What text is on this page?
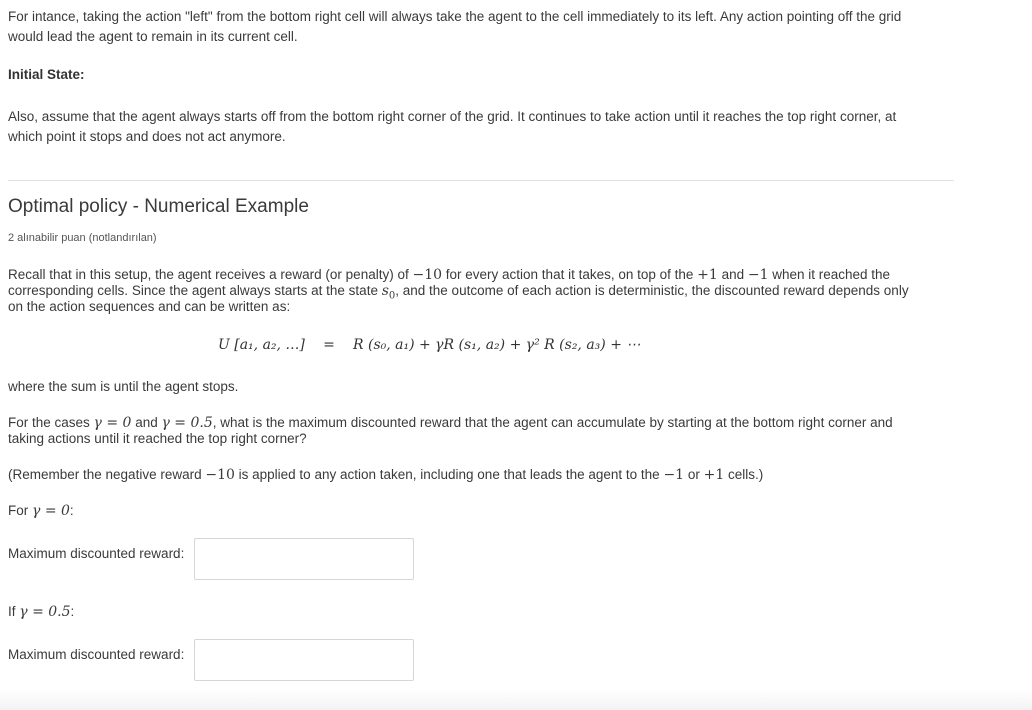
For intance, taking the action "left" from the bottom right cell will always take the agent to the cell immediately to its left. Any action pointing off the grid

would lead the agent to remain in its current cell.

Initial State:

Also, assume that the agent always starts off from the bottom right corner of the grid. It continues to take action until it reaches the top right corner, at

which point it stops and does not act anymore.

Optimal policy - Numerical Example
2 alınabilir puan (notlandırılan)

Recall that in this setup, the agent receives a reward (or penalty) of −10 for every action that it takes, on top of the +1 and −1 when it reached the

corresponding cells. Since the agent always starts at the state $s_0$, and the outcome of each action is deterministic, the discounted reward depends only

on the action sequences and can be written as:

U [a₁, a₂, …] = R (s₀, a₁) + γR (s₁, a₂) + γ² R (s₂, a₃) + ⋯

where the sum is until the agent stops.

For the cases γ = 0 and γ = 0.5, what is the maximum discounted reward that the agent can accumulate by starting at the bottom right corner and

taking actions until it reached the top right corner?

(Remember the negative reward −10 is applied to any action taken, including one that leads the agent to the −1 or +1 cells.)

For γ = 0:

Maximum discounted reward:

If γ = 0.5:

Maximum discounted reward:
